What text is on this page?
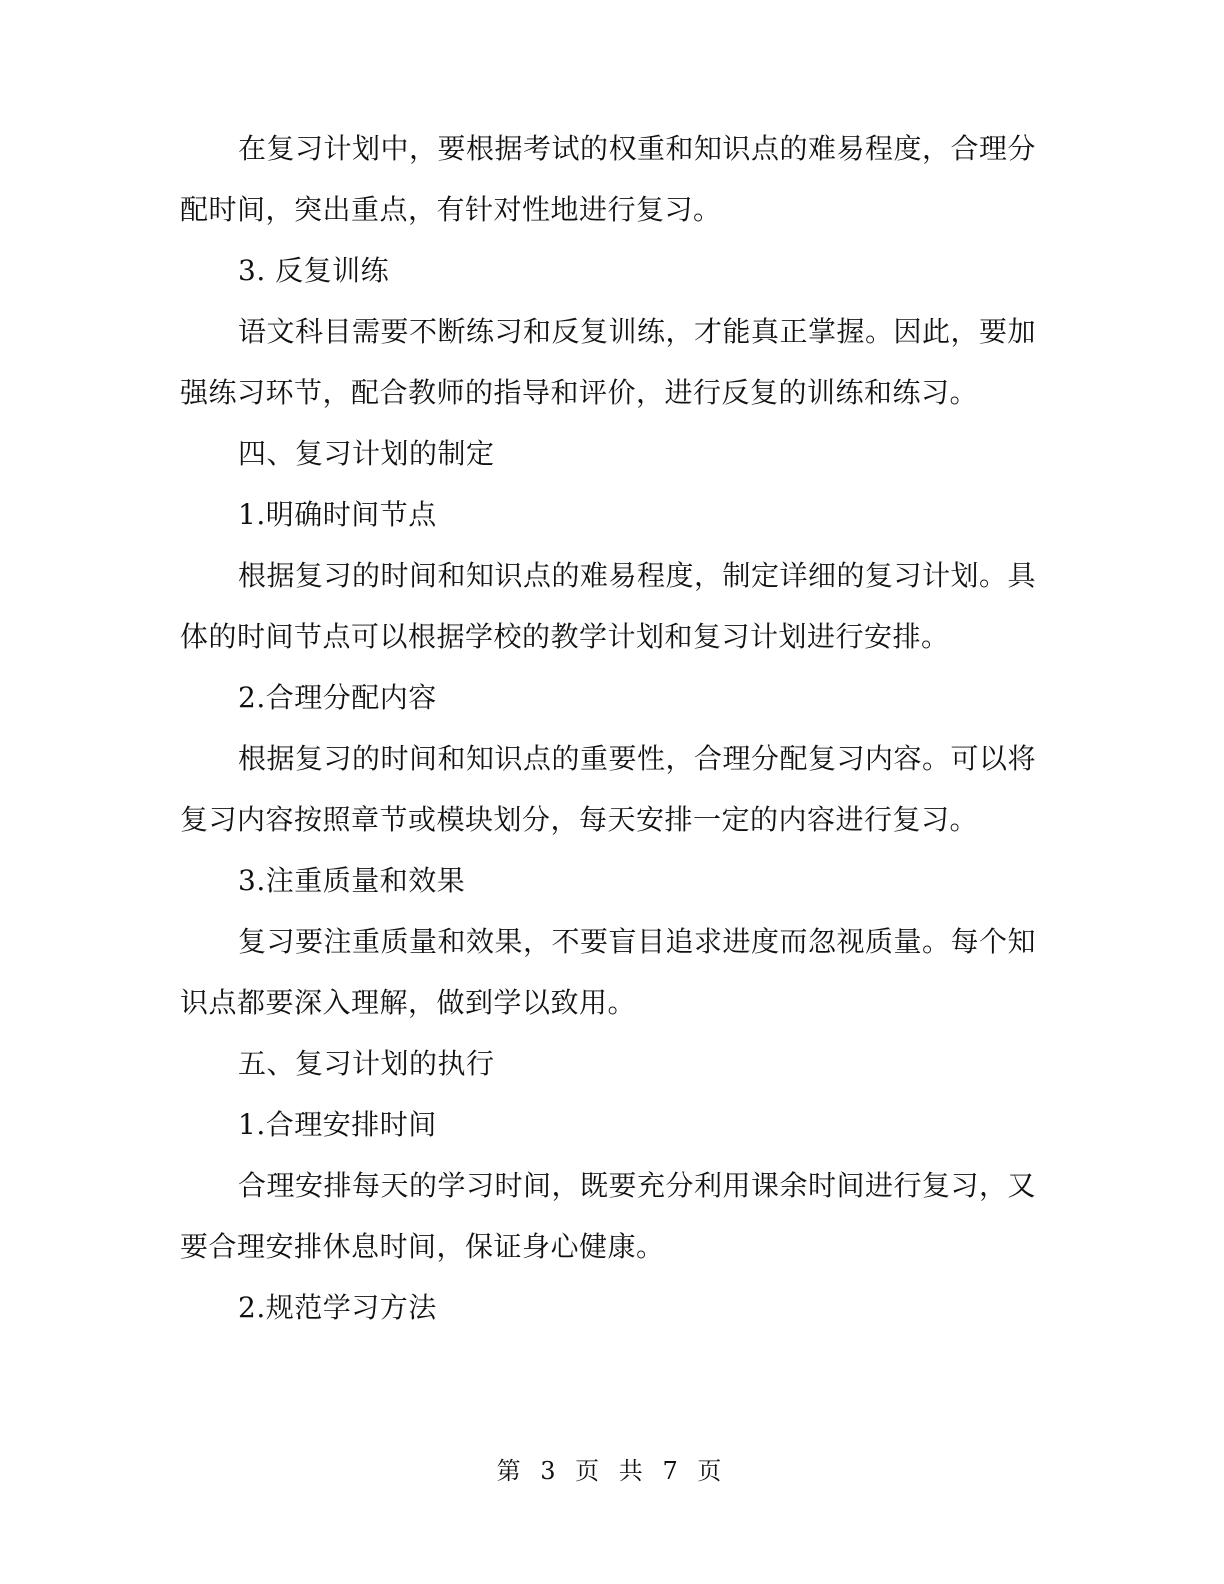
在复习计划中，要根据考试的权重和知识点的难易程度，合理分
配时间，突出重点，有针对性地进行复习。
3. 反复训练
语文科目需要不断练习和反复训练，才能真正掌握。因此，要加
强练习环节，配合教师的指导和评价，进行反复的训练和练习。
四、复习计划的制定
1.明确时间节点
根据复习的时间和知识点的难易程度，制定详细的复习计划。具
体的时间节点可以根据学校的教学计划和复习计划进行安排。
2.合理分配内容
根据复习的时间和知识点的重要性，合理分配复习内容。可以将
复习内容按照章节或模块划分，每天安排一定的内容进行复习。
3.注重质量和效果
复习要注重质量和效果，不要盲目追求进度而忽视质量。每个知
识点都要深入理解，做到学以致用。
五、复习计划的执行
1.合理安排时间
合理安排每天的学习时间，既要充分利用课余时间进行复习，又
要合理安排休息时间，保证身心健康。
2.规范学习方法
第 3 页 共 7 页
